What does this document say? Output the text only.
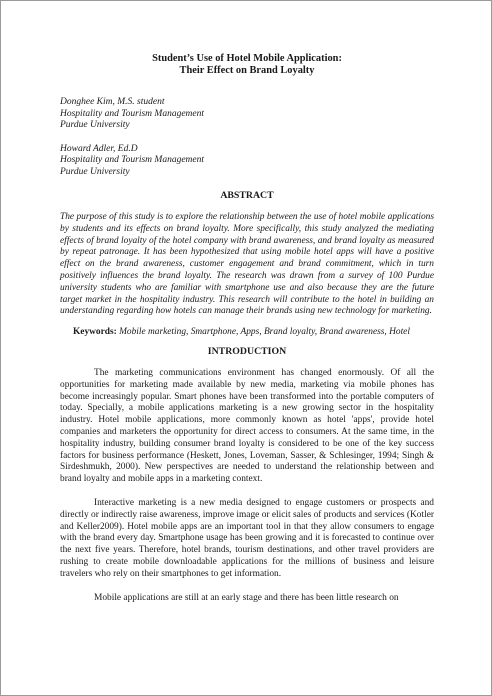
Student’s Use of Hotel Mobile Application:

Their Effect on Brand Loyalty

Donghee Kim, M.S. student
Hospitality and Tourism Management
Purdue University
Howard Adler, Ed.D
Hospitality and Tourism Management
Purdue University

ABSTRACT

The purpose of this study is to explore the relationship between the use of hotel mobile applications by students and its effects on brand loyalty. More specifically, this study analyzed the mediating effects of brand loyalty of the hotel company with brand awareness, and brand loyalty as measured by repeat patronage. It has been hypothesized that using mobile hotel apps will have a positive effect on the brand awareness, customer engagement and brand commitment, which in turn positively influences the brand loyalty. The research was drawn from a survey of 100 Purdue university students who are familiar with smartphone use and also because they are the future target market in the hospitality industry. This research will contribute to the hotel in building an understanding regarding how hotels can manage their brands using new technology for marketing.

Keywords: Mobile marketing, Smartphone, Apps, Brand loyalty, Brand awareness, Hotel

INTRODUCTION

The marketing communications environment has changed enormously. Of all the opportunities for marketing made available by new media, marketing via mobile phones has become increasingly popular. Smart phones have been transformed into the portable computers of today. Specially, a mobile applications marketing is a new growing sector in the hospitality industry. Hotel mobile applications, more commonly known as hotel 'apps', provide hotel companies and marketers the opportunity for direct access to consumers. At the same time, in the hospitality industry, building consumer brand loyalty is considered to be one of the key success factors for business performance (Heskett, Jones, Loveman, Sasser, & Schlesinger, 1994; Singh & Sirdeshmukh, 2000). New perspectives are needed to understand the relationship between and brand loyalty and mobile apps in a marketing context.

Interactive marketing is a new media designed to engage customers or prospects and directly or indirectly raise awareness, improve image or elicit sales of products and services (Kotler and Keller2009). Hotel mobile apps are an important tool in that they allow consumers to engage with the brand every day. Smartphone usage has been growing and it is forecasted to continue over the next five years. Therefore, hotel brands, tourism destinations, and other travel providers are rushing to create mobile downloadable applications for the millions of business and leisure travelers who rely on their smartphones to get information.

Mobile applications are still at an early stage and there has been little research on
